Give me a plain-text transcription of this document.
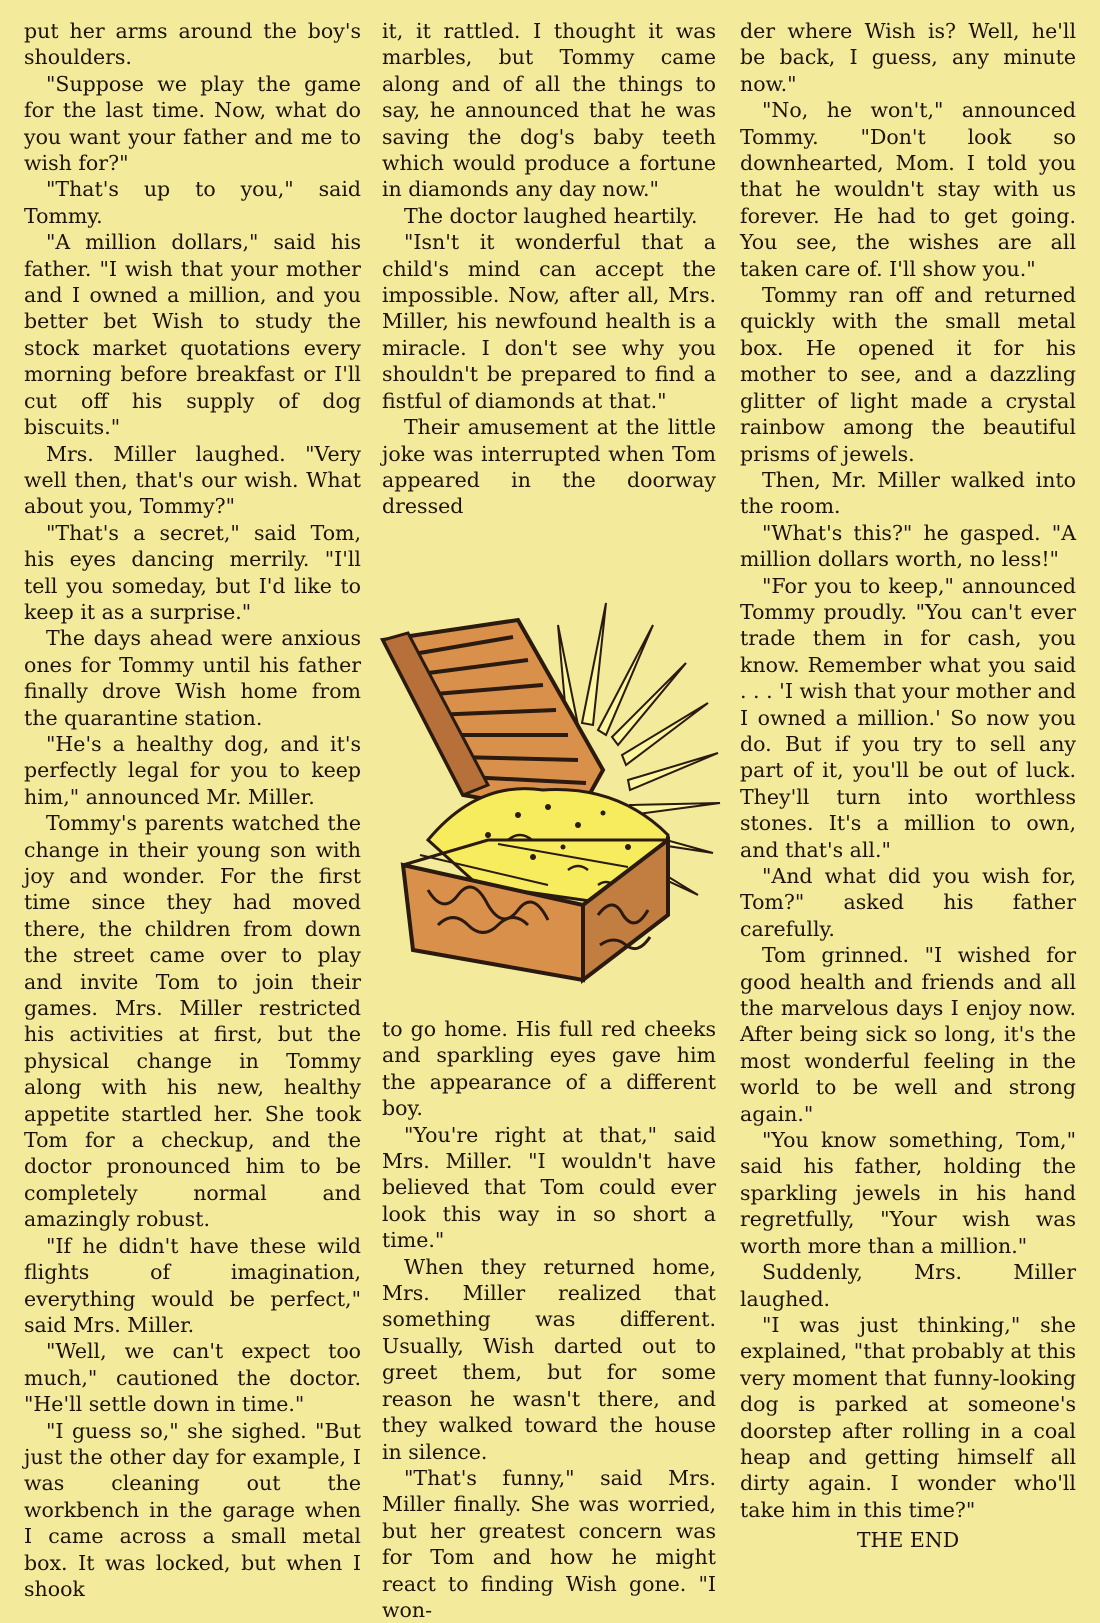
put her arms around the boy's shoulders.

"Suppose we play the game for the last time. Now, what do you want your father and me to wish for?"

"That's up to you," said Tommy.

"A million dollars," said his father. "I wish that your mother and I owned a million, and you better bet Wish to study the stock market quotations every morning before breakfast or I'll cut off his supply of dog biscuits."

Mrs. Miller laughed. "Very well then, that's our wish. What about you, Tommy?"

"That's a secret," said Tom, his eyes dancing merrily. "I'll tell you someday, but I'd like to keep it as a surprise."

The days ahead were anxious ones for Tommy until his father finally drove Wish home from the quarantine station.

"He's a healthy dog, and it's perfectly legal for you to keep him," announced Mr. Miller.

Tommy's parents watched the change in their young son with joy and wonder. For the first time since they had moved there, the children from down the street came over to play and invite Tom to join their games. Mrs. Miller restricted his activities at first, but the physical change in Tommy along with his new, healthy appetite startled her. She took Tom for a checkup, and the doctor pronounced him to be completely normal and amazingly robust.

"If he didn't have these wild flights of imagination, everything would be perfect," said Mrs. Miller.

"Well, we can't expect too much," cautioned the doctor. "He'll settle down in time."

"I guess so," she sighed. "But just the other day for example, I was cleaning out the workbench in the garage when I came across a small metal box. It was locked, but when I shook

it, it rattled. I thought it was marbles, but Tommy came along and of all the things to say, he announced that he was saving the dog's baby teeth which would produce a fortune in diamonds any day now."

The doctor laughed heartily.

"Isn't it wonderful that a child's mind can accept the impossible. Now, after all, Mrs. Miller, his newfound health is a miracle. I don't see why you shouldn't be prepared to find a fistful of diamonds at that."

Their amusement at the little joke was interrupted when Tom appeared in the doorway dressed

to go home. His full red cheeks and sparkling eyes gave him the appearance of a different boy.

"You're right at that," said Mrs. Miller. "I wouldn't have believed that Tom could ever look this way in so short a time."

When they returned home, Mrs. Miller realized that something was different. Usually, Wish darted out to greet them, but for some reason he wasn't there, and they walked toward the house in silence.

"That's funny," said Mrs. Miller finally. She was worried, but her greatest concern was for Tom and how he might react to finding Wish gone. "I won-

der where Wish is? Well, he'll be back, I guess, any minute now."

"No, he won't," announced Tommy. "Don't look so downhearted, Mom. I told you that he wouldn't stay with us forever. He had to get going. You see, the wishes are all taken care of. I'll show you."

Tommy ran off and returned quickly with the small metal box. He opened it for his mother to see, and a dazzling glitter of light made a crystal rainbow among the beautiful prisms of jewels.

Then, Mr. Miller walked into the room.

"What's this?" he gasped. "A million dollars worth, no less!"

"For you to keep," announced Tommy proudly. "You can't ever trade them in for cash, you know. Remember what you said . . . 'I wish that your mother and I owned a million.' So now you do. But if you try to sell any part of it, you'll be out of luck. They'll turn into worthless stones. It's a million to own, and that's all."

"And what did you wish for, Tom?" asked his father carefully.

Tom grinned. "I wished for good health and friends and all the marvelous days I enjoy now. After being sick so long, it's the most wonderful feeling in the world to be well and strong again."

"You know something, Tom," said his father, holding the sparkling jewels in his hand regretfully, "Your wish was worth more than a million."

Suddenly, Mrs. Miller laughed.

"I was just thinking," she explained, "that probably at this very moment that funny-looking dog is parked at someone's doorstep after rolling in a coal heap and getting himself all dirty again. I wonder who'll take him in this time?"

THE END
